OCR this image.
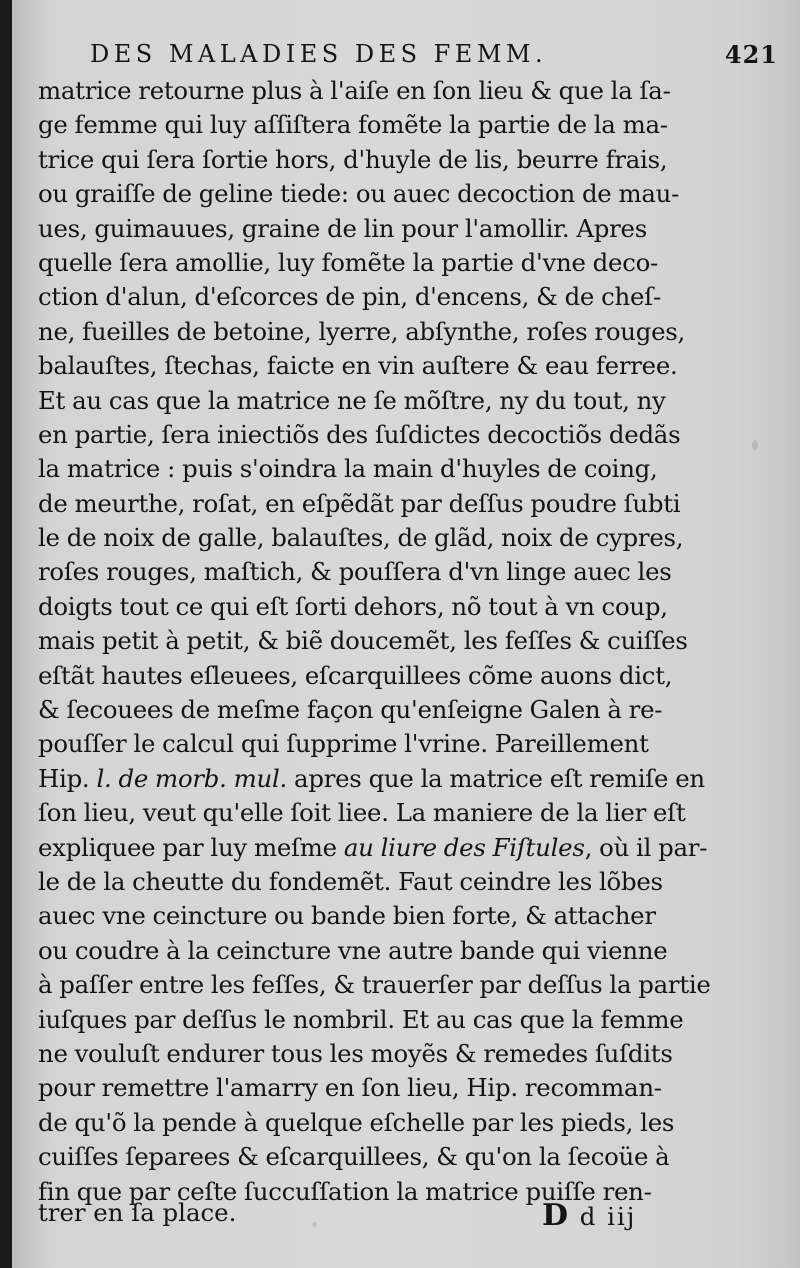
DES MALADIES DES FEMM.	421
matrice retourne plus à l'aiſe en ſon lieu & que la ſa-
ge femme qui luy aſſiſtera fomẽte la partie de la ma-
trice qui ſera ſortie hors, d'huyle de lis, beurre frais,
ou graiſſe de geline tiede: ou auec decoction de mau-
ues, guimauues, graine de lin pour l'amollir. Apres
quelle ſera amollie, luy fomẽte la partie d'vne deco-
ction d'alun, d'eſcorces de pin, d'encens, & de cheſ-
ne, fueilles de betoine, lyerre, abſynthe, roſes rouges,
balauſtes, ſtechas, faicte en vin auſtere & eau ferree.
Et au cas que la matrice ne ſe mõſtre, ny du tout, ny
en partie, ſera iniectiõs des ſuſdictes decoctiõs dedãs
la matrice : puis s'oindra la main d'huyles de coing,
de meurthe, roſat, en eſpẽdãt par deſſus poudre ſubti
le de noix de galle, balauſtes, de glãd, noix de cypres,
roſes rouges, maſtich, & pouſſera d'vn linge auec les
doigts tout ce qui eſt ſorti dehors, nõ tout à vn coup,
mais petit à petit, & biẽ doucemẽt, les feſſes & cuiſſes
eſtãt hautes eſleuees, eſcarquillees cõme auons dict,
& ſecouees de meſme façon qu'enſeigne Galen à re-
pouſſer le calcul qui ſupprime l'vrine. Pareillement
Hip. l. de morb. mul. apres que la matrice eſt remiſe en
ſon lieu, veut qu'elle ſoit liee. La maniere de la lier eſt
expliquee par luy meſme au liure des Fiſtules, où il par-
le de la cheutte du fondemẽt. Faut ceindre les lõbes
auec vne ceincture ou bande bien forte, & attacher
ou coudre à la ceincture vne autre bande qui vienne
à paſſer entre les feſſes, & trauerſer par deſſus la partie
iuſques par deſſus le nombril. Et au cas que la femme
ne vouluſt endurer tous les moyẽs & remedes ſuſdits
pour remettre l'amarry en ſon lieu, Hip. recomman-
de qu'õ la pende à quelque eſchelle par les pieds, les
cuiſſes ſeparees & eſcarquillees, & qu'on la ſecoüe à
fin que par ceſte ſuccuſſation la matrice puiſſe ren-
trer en ſa place.	D d iij
